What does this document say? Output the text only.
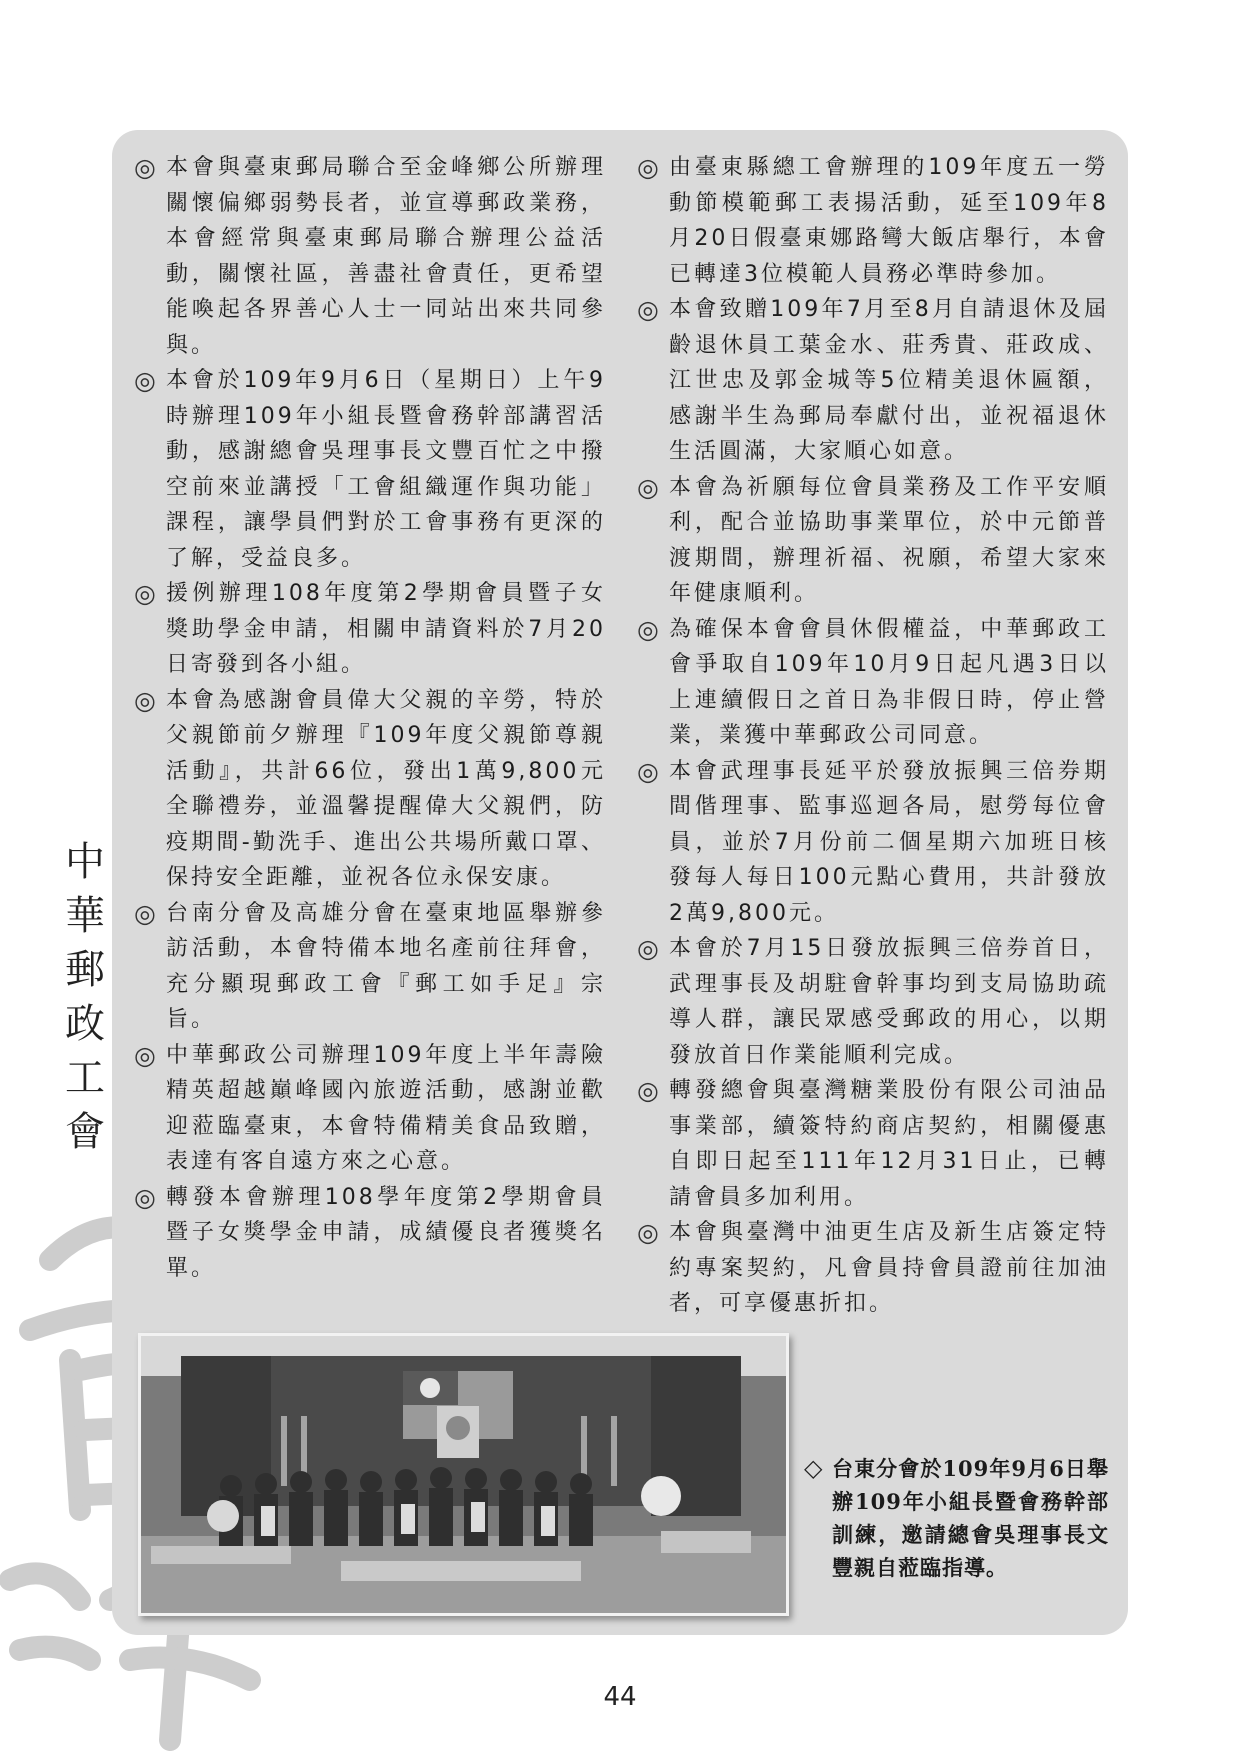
中
華
郵
政
工
會

◎ 本會與臺東郵局聯合至金峰鄉公所辦理關懷偏鄉弱勢長者，並宣導郵政業務，本會經常與臺東郵局聯合辦理公益活動，關懷社區，善盡社會責任，更希望能喚起各界善心人士一同站出來共同參與。

◎ 本會於109年9月6日（星期日）上午9時辦理109年小組長暨會務幹部講習活動，感謝總會吳理事長文豐百忙之中撥空前來並講授「工會組織運作與功能」課程，讓學員們對於工會事務有更深的了解，受益良多。

◎ 援例辦理108年度第2學期會員暨子女獎助學金申請，相關申請資料於7月20日寄發到各小組。

◎ 本會為感謝會員偉大父親的辛勞，特於父親節前夕辦理『109年度父親節尊親活動』，共計66位，發出1萬9,800元全聯禮券，並溫馨提醒偉大父親們，防疫期間-勤洗手、進出公共場所戴口罩、保持安全距離，並祝各位永保安康。

◎ 台南分會及高雄分會在臺東地區舉辦參訪活動，本會特備本地名產前往拜會，充分顯現郵政工會『郵工如手足』宗旨。

◎ 中華郵政公司辦理109年度上半年壽險精英超越巔峰國內旅遊活動，感謝並歡迎蒞臨臺東，本會特備精美食品致贈，表達有客自遠方來之心意。

◎ 轉發本會辦理108學年度第2學期會員暨子女獎學金申請，成績優良者獲獎名單。

◎ 由臺東縣總工會辦理的109年度五一勞動節模範郵工表揚活動，延至109年8月20日假臺東娜路彎大飯店舉行，本會已轉達3位模範人員務必準時參加。

◎ 本會致贈109年7月至8月自請退休及屆齡退休員工葉金水、莊秀貴、莊政成、江世忠及郭金城等5位精美退休匾額，感謝半生為郵局奉獻付出，並祝福退休生活圓滿，大家順心如意。

◎ 本會為祈願每位會員業務及工作平安順利，配合並協助事業單位，於中元節普渡期間，辦理祈福、祝願，希望大家來年健康順利。

◎ 為確保本會會員休假權益，中華郵政工會爭取自109年10月9日起凡遇3日以上連續假日之首日為非假日時，停止營業，業獲中華郵政公司同意。

◎ 本會武理事長延平於發放振興三倍券期間偕理事、監事巡迴各局，慰勞每位會員，並於7月份前二個星期六加班日核發每人每日100元點心費用，共計發放2萬9,800元。

◎ 本會於7月15日發放振興三倍券首日，武理事長及胡駐會幹事均到支局協助疏導人群，讓民眾感受郵政的用心，以期發放首日作業能順利完成。

◎ 轉發總會與臺灣糖業股份有限公司油品事業部，續簽特約商店契約，相關優惠自即日起至111年12月31日止，已轉請會員多加利用。

◎ 本會與臺灣中油更生店及新生店簽定特約專案契約，凡會員持會員證前往加油者，可享優惠折扣。

◇ 台東分會於109年9月6日舉辦109年小組長暨會務幹部訓練，邀請總會吳理事長文豐親自蒞臨指導。
44
